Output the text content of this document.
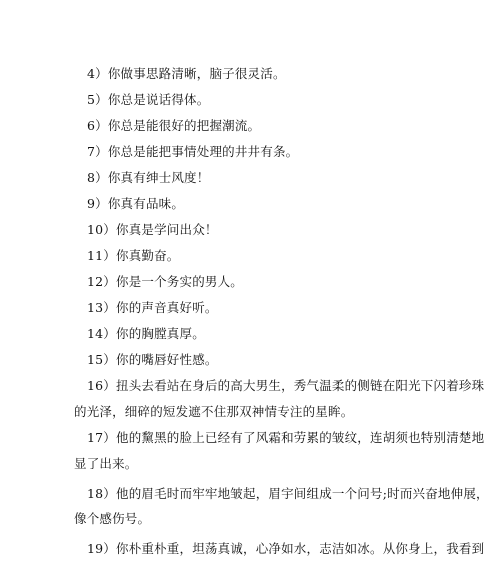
4）你做事思路清晰，脑子很灵活。
5）你总是说话得体。
6）你总是能很好的把握潮流。
7）你总是能把事情处理的井井有条。
8）你真有绅士风度！
9）你真有品味。
10）你真是学问出众！
11）你真勤奋。
12）你是一个务实的男人。
13）你的声音真好听。
14）你的胸膛真厚。
15）你的嘴唇好性感。
16）扭头去看站在身后的高大男生，秀气温柔的侧链在阳光下闪着珍珠
的光泽，细碎的短发遮不住那双神情专注的星眸。
17）他的黧黑的脸上已经有了风霜和劳累的皱纹，连胡须也特别清楚地
显了出来。
18）他的眉毛时而牢牢地皱起，眉宇间组成一个问号;时而兴奋地伸展，
像个感伤号。
19）你朴重朴重，坦荡真诚，心净如水，志洁如冰。从你身上，我看到
